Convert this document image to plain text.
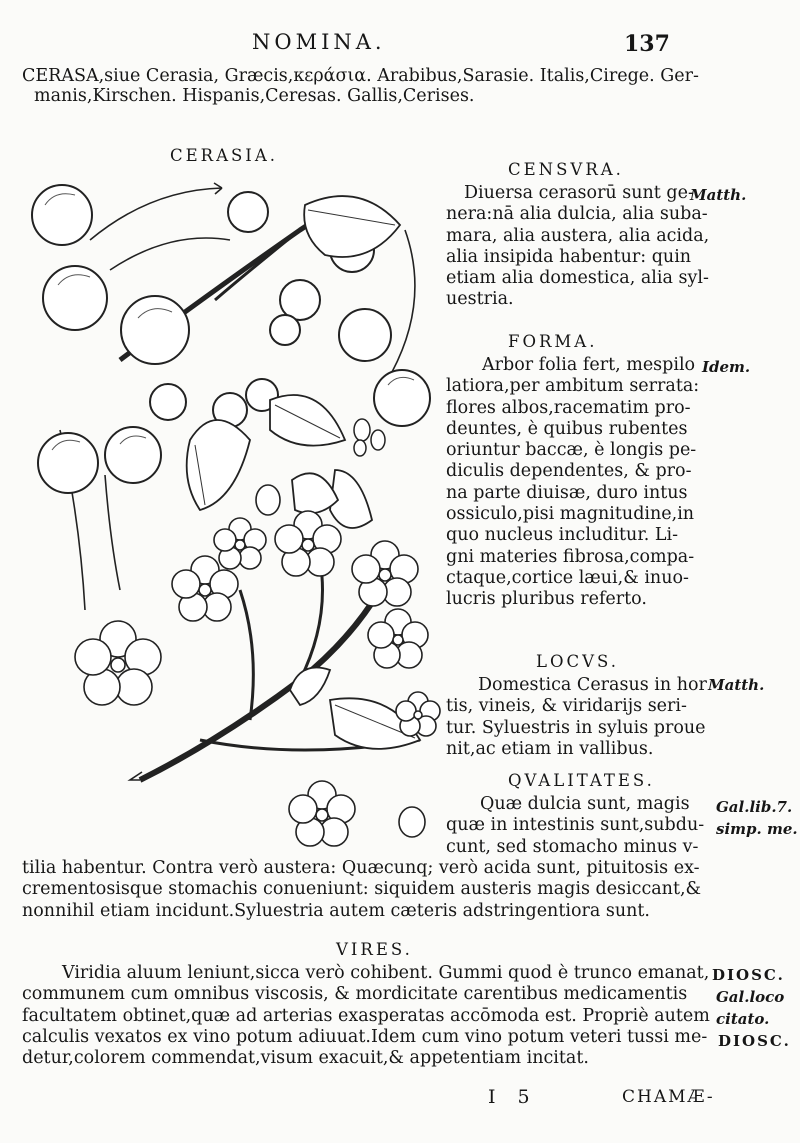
NOMINA.	137
CERASA,siue Cerasia, Græcis,κεράσια. Arabibus,Sarasie. Italis,Cirege. Ger-
manis,Kirschen. Hispanis,Ceresas. Gallis,Cerises.
CERASIA.
CENSVRA.
Diuersa cerasorū sunt ge-
nera:nā alia dulcia, alia suba-
mara, alia austera, alia acida,
alia insipida habentur: quin
etiam alia domestica, alia syl-
uestria.
Matth.
FORMA.
Arbor folia fert, mespilo
latiora,per ambitum serrata:
flores albos,racematim pro-
deuntes, è quibus rubentes
oriuntur baccæ, è longis pe-
diculis dependentes, & pro-
na parte diuisæ, duro intus
ossiculo,pisi magnitudine,in
quo nucleus includitur. Li-
gni materies fibrosa,compa-
ctaque,cortice læui,& inuo-
lucris pluribus referto.
Idem.
LOCVS.
Domestica Cerasus in hor
tis, vineis, & viridarijs seri-
tur. Syluestris in syluis proue
nit,ac etiam in vallibus.
Matth.
QVALITATES.
Quæ dulcia sunt, magis
quæ in intestinis sunt,subdu-
cunt, sed stomacho minus v-
Gal.lib.7.
simp. me.
tilia habentur. Contra verò austera: Quæcunq; verò acida sunt, pituitosis ex-
crementosisque stomachis conueniunt: siquidem austeris magis desiccant,&
nonnihil etiam incidunt.Syluestria autem cæteris adstringentiora sunt.
VIRES.
Viridia aluum leniunt,sicca verò cohibent. Gummi quod è trunco emanat,
communem cum omnibus viscosis, & mordicitate carentibus medicamentis
facultatem obtinet,quæ ad arterias exasperatas accōmoda est. Propriè autem
calculis vexatos ex vino potum adiuuat.Idem cum vino potum veteri tussi me-
detur,colorem commendat,visum exacuit,& appetentiam incitat.
DIOSC.
Gal.loco
citato.
DIOSC.
I 5	CHAMÆ-
